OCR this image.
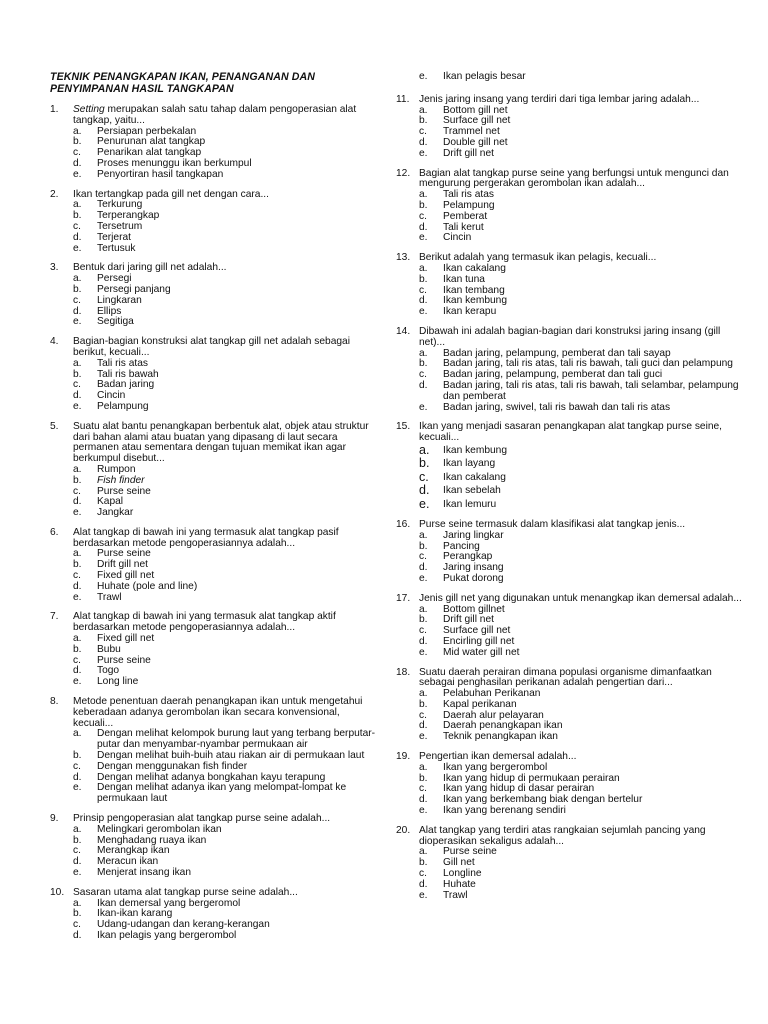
TEKNIK PENANGKAPAN IKAN, PENANGANAN DAN PENYIMPANAN HASIL TANGKAPAN
1.	Setting merupakan salah satu tahap dalam pengoperasian alat tangkap, yaitu...
a.	Persiapan perbekalan
b.	Penurunan alat tangkap
c.	Penarikan alat tangkap
d.	Proses menunggu ikan berkumpul
e.	Penyortiran hasil tangkapan
2.	Ikan tertangkap pada gill net dengan cara...
a.	Terkurung
b.	Terperangkap
c.	Tersetrum
d.	Terjerat
e.	Tertusuk
3.	Bentuk dari jaring gill net adalah...
a.	Persegi
b.	Persegi panjang
c.	Lingkaran
d.	Ellips
e.	Segitiga
4.	Bagian-bagian konstruksi alat tangkap gill net adalah sebagai berikut, kecuali...
a.	Tali ris atas
b.	Tali ris bawah
c.	Badan jaring
d.	Cincin
e.	Pelampung
5.	Suatu alat bantu penangkapan berbentuk alat, objek atau struktur dari bahan alami atau buatan yang dipasang di laut secara permanen atau sementara dengan tujuan memikat ikan agar berkumpul disebut...
a.	Rumpon
b.	Fish finder
c.	Purse seine
d.	Kapal
e.	Jangkar
6.	Alat tangkap di bawah ini yang termasuk alat tangkap pasif berdasarkan metode pengoperasiannya adalah...
a.	Purse seine
b.	Drift gill net
c.	Fixed gill net
d.	Huhate (pole and line)
e.	Trawl
7.	Alat tangkap di bawah ini yang termasuk alat tangkap aktif berdasarkan metode pengoperasiannya adalah...
a.	Fixed gill net
b.	Bubu
c.	Purse seine
d.	Togo
e.	Long line
8.	Metode penentuan daerah penangkapan ikan untuk mengetahui keberadaan adanya gerombolan ikan secara konvensional, kecuali...
a.	Dengan melihat kelompok burung laut yang terbang berputar-putar dan menyambar-nyambar permukaan air
b.	Dengan melihat buih-buih atau riakan air di permukaan laut
c.	Dengan menggunakan fish finder
d.	Dengan melihat adanya bongkahan kayu terapung
e.	Dengan melihat adanya ikan yang melompat-lompat ke permukaan laut
9.	Prinsip pengoperasian alat tangkap purse seine adalah...
a.	Melingkari gerombolan ikan
b.	Menghadang ruaya ikan
c.	Merangkap ikan
d.	Meracun ikan
e.	Menjerat insang ikan
10. Sasaran utama alat tangkap purse seine adalah...
a.	Ikan demersal yang bergeromol
b.	Ikan-ikan karang
c.	Udang-udangan dan kerang-kerangan
d.	Ikan pelagis yang bergerombol
e.	Ikan pelagis besar
11. Jenis jaring insang yang terdiri dari tiga lembar jaring adalah...
a.	Bottom gill net
b.	Surface gill net
c.	Trammel net
d.	Double gill net
e.	Drift gill net
12. Bagian alat tangkap purse seine yang berfungsi untuk mengunci dan mengurung pergerakan gerombolan ikan adalah...
a.	Tali ris atas
b.	Pelampung
c.	Pemberat
d.	Tali kerut
e.	Cincin
13. Berikut adalah yang termasuk ikan pelagis, kecuali...
a.	Ikan cakalang
b.	Ikan tuna
c.	Ikan tembang
d.	Ikan kembung
e.	Ikan kerapu
14. Dibawah ini adalah bagian-bagian dari konstruksi jaring insang (gill net)...
a.	Badan jaring, pelampung, pemberat dan tali sayap
b.	Badan jaring, tali ris atas, tali ris bawah, tali guci dan pelampung
c.	Badan jaring, pelampung, pemberat dan tali guci
d.	Badan jaring, tali ris atas, tali ris bawah, tali selambar, pelampung dan pemberat
e.	Badan jaring, swivel, tali ris bawah dan tali ris atas
15. Ikan yang menjadi sasaran penangkapan alat tangkap purse seine, kecuali...
a.	Ikan kembung
b.	Ikan layang
c.	Ikan cakalang
d.	Ikan sebelah
e.	Ikan lemuru
16. Purse seine termasuk dalam klasifikasi alat tangkap jenis...
a.	Jaring lingkar
b.	Pancing
c.	Perangkap
d.	Jaring insang
e.	Pukat dorong
17. Jenis gill net yang digunakan untuk menangkap ikan demersal adalah...
a.	Bottom gillnet
b.	Drift gill net
c.	Surface gill net
d.	Encirling gill net
e.	Mid water gill net
18. Suatu daerah perairan dimana populasi organisme dimanfaatkan sebagai penghasilan perikanan adalah pengertian dari...
a.	Pelabuhan Perikanan
b.	Kapal perikanan
c.	Daerah alur pelayaran
d.	Daerah penangkapan ikan
e.	Teknik penangkapan ikan
19. Pengertian ikan demersal adalah...
a.	Ikan yang bergerombol
b.	Ikan yang hidup di permukaan perairan
c.	Ikan yang hidup di dasar perairan
d.	Ikan yang berkembang biak dengan bertelur
e.	Ikan yang berenang sendiri
20. Alat tangkap yang terdiri atas rangkaian sejumlah pancing yang dioperasikan sekaligus adalah...
a.	Purse seine
b.	Gill net
c.	Longline
d.	Huhate
e.	Trawl
